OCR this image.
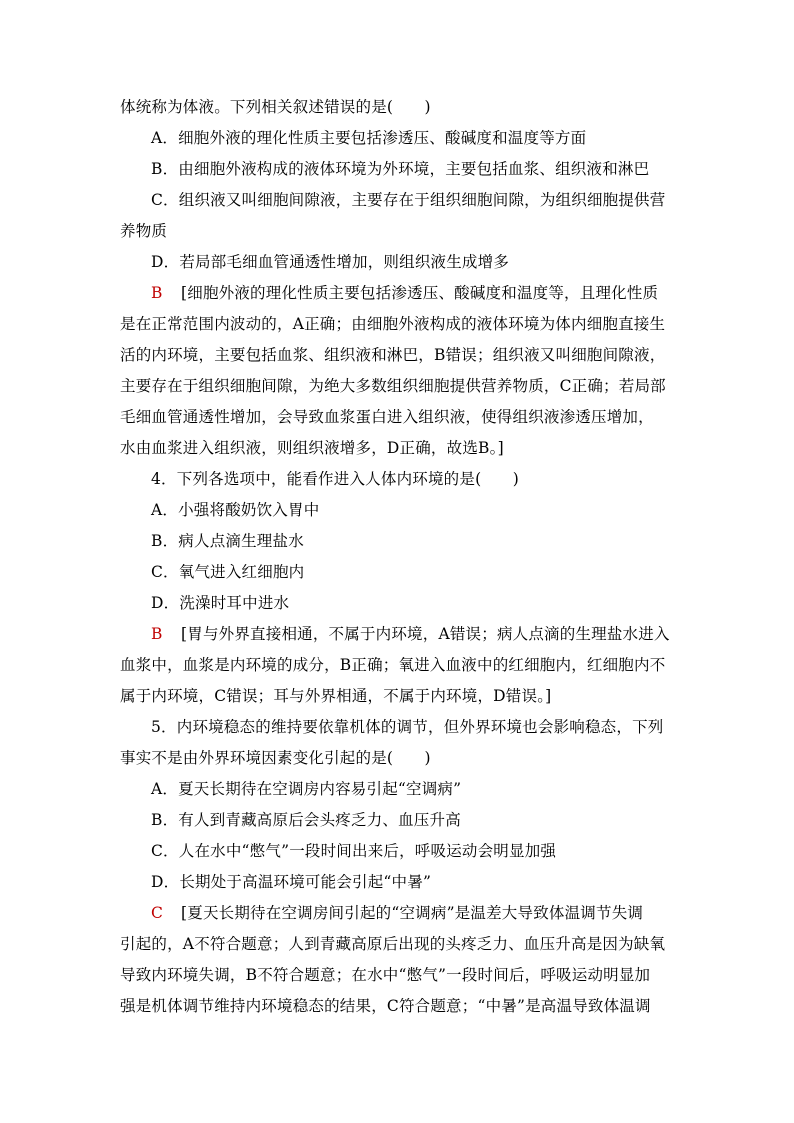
体统称为体液。下列相关叙述错误的是(　　)
A．细胞外液的理化性质主要包括渗透压、酸碱度和温度等方面
B．由细胞外液构成的液体环境为外环境，主要包括血浆、组织液和淋巴
C．组织液又叫细胞间隙液，主要存在于组织细胞间隙，为组织细胞提供营
养物质
D．若局部毛细血管通透性增加，则组织液生成增多
B [细胞外液的理化性质主要包括渗透压、酸碱度和温度等，且理化性质
是在正常范围内波动的，A正确；由细胞外液构成的液体环境为体内细胞直接生
活的内环境，主要包括血浆、组织液和淋巴，B错误；组织液又叫细胞间隙液，
主要存在于组织细胞间隙，为绝大多数组织细胞提供营养物质，C正确；若局部
毛细血管通透性增加，会导致血浆蛋白进入组织液，使得组织液渗透压增加，
水由血浆进入组织液，则组织液增多，D正确，故选B。]
4．下列各选项中，能看作进入人体内环境的是(　　)
A．小强将酸奶饮入胃中
B．病人点滴生理盐水
C．氧气进入红细胞内
D．洗澡时耳中进水
B [胃与外界直接相通，不属于内环境，A错误；病人点滴的生理盐水进入
血浆中，血浆是内环境的成分，B正确；氧进入血液中的红细胞内，红细胞内不
属于内环境，C错误；耳与外界相通，不属于内环境，D错误。]
5．内环境稳态的维持要依靠机体的调节，但外界环境也会影响稳态，下列
事实不是由外界环境因素变化引起的是(　　)
A．夏天长期待在空调房内容易引起“空调病”
B．有人到青藏高原后会头疼乏力、血压升高
C．人在水中“憋气”一段时间出来后，呼吸运动会明显加强
D．长期处于高温环境可能会引起“中暑”
C [夏天长期待在空调房间引起的“空调病”是温差大导致体温调节失调
引起的，A不符合题意；人到青藏高原后出现的头疼乏力、血压升高是因为缺氧
导致内环境失调，B不符合题意；在水中“憋气”一段时间后，呼吸运动明显加
强是机体调节维持内环境稳态的结果，C符合题意；“中暑”是高温导致体温调
